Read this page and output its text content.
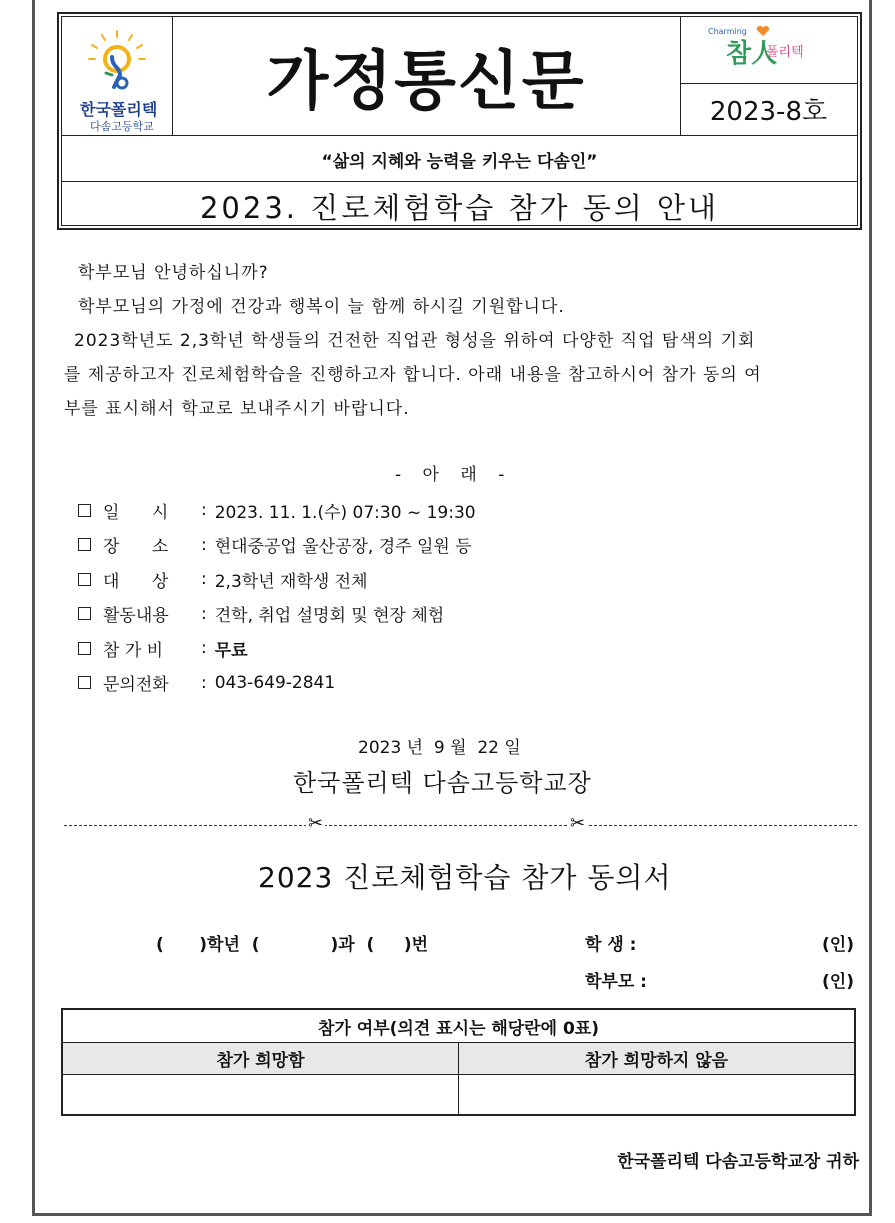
한국폴리텍
다솜고등학교
가정통신문
Charming
참人
폴리텍
2023-8호
“삶의 지혜와 능력을 키우는 다솜인”
2023. 진로체험학습 참가 동의 안내

학부모님 안녕하십니까?

학부모님의 가정에 건강과 행복이 늘 함께 하시길 기원합니다.

2023학년도 2,3학년 학생들의 건전한 직업관 형성을 위하여 다양한 직업 탐색의 기회

를 제공하고자 진로체험학습을 진행하고자 합니다. 아래 내용을 참고하시어 참가 동의 여

부를 표시해서 학교로 보내주시기 바랍니다.

- 아 래 -
일      시	: 2023. 11. 1.(수) 07:30 ~ 19:30
장      소	: 현대중공업 울산공장, 경주 일원 등
대      상	: 2,3학년 재학생 전체
활동내용	: 견학, 취업 설명회 및 현장 체험
참 가 비	: 무료
문의전화	: 043-649-2841
2023 년  9 월  22 일
한국폴리텍 다솜고등학교장
✂	✂
2023 진로체험학습 참가 동의서
(      )학년  (            )과  (     )번	학 생 :	(인)
학부모 :	(인)
참가 여부(의견 표시는 해당란에 0표)
참가 희망함	참가 희망하지 않음
한국폴리텍 다솜고등학교장 귀하
